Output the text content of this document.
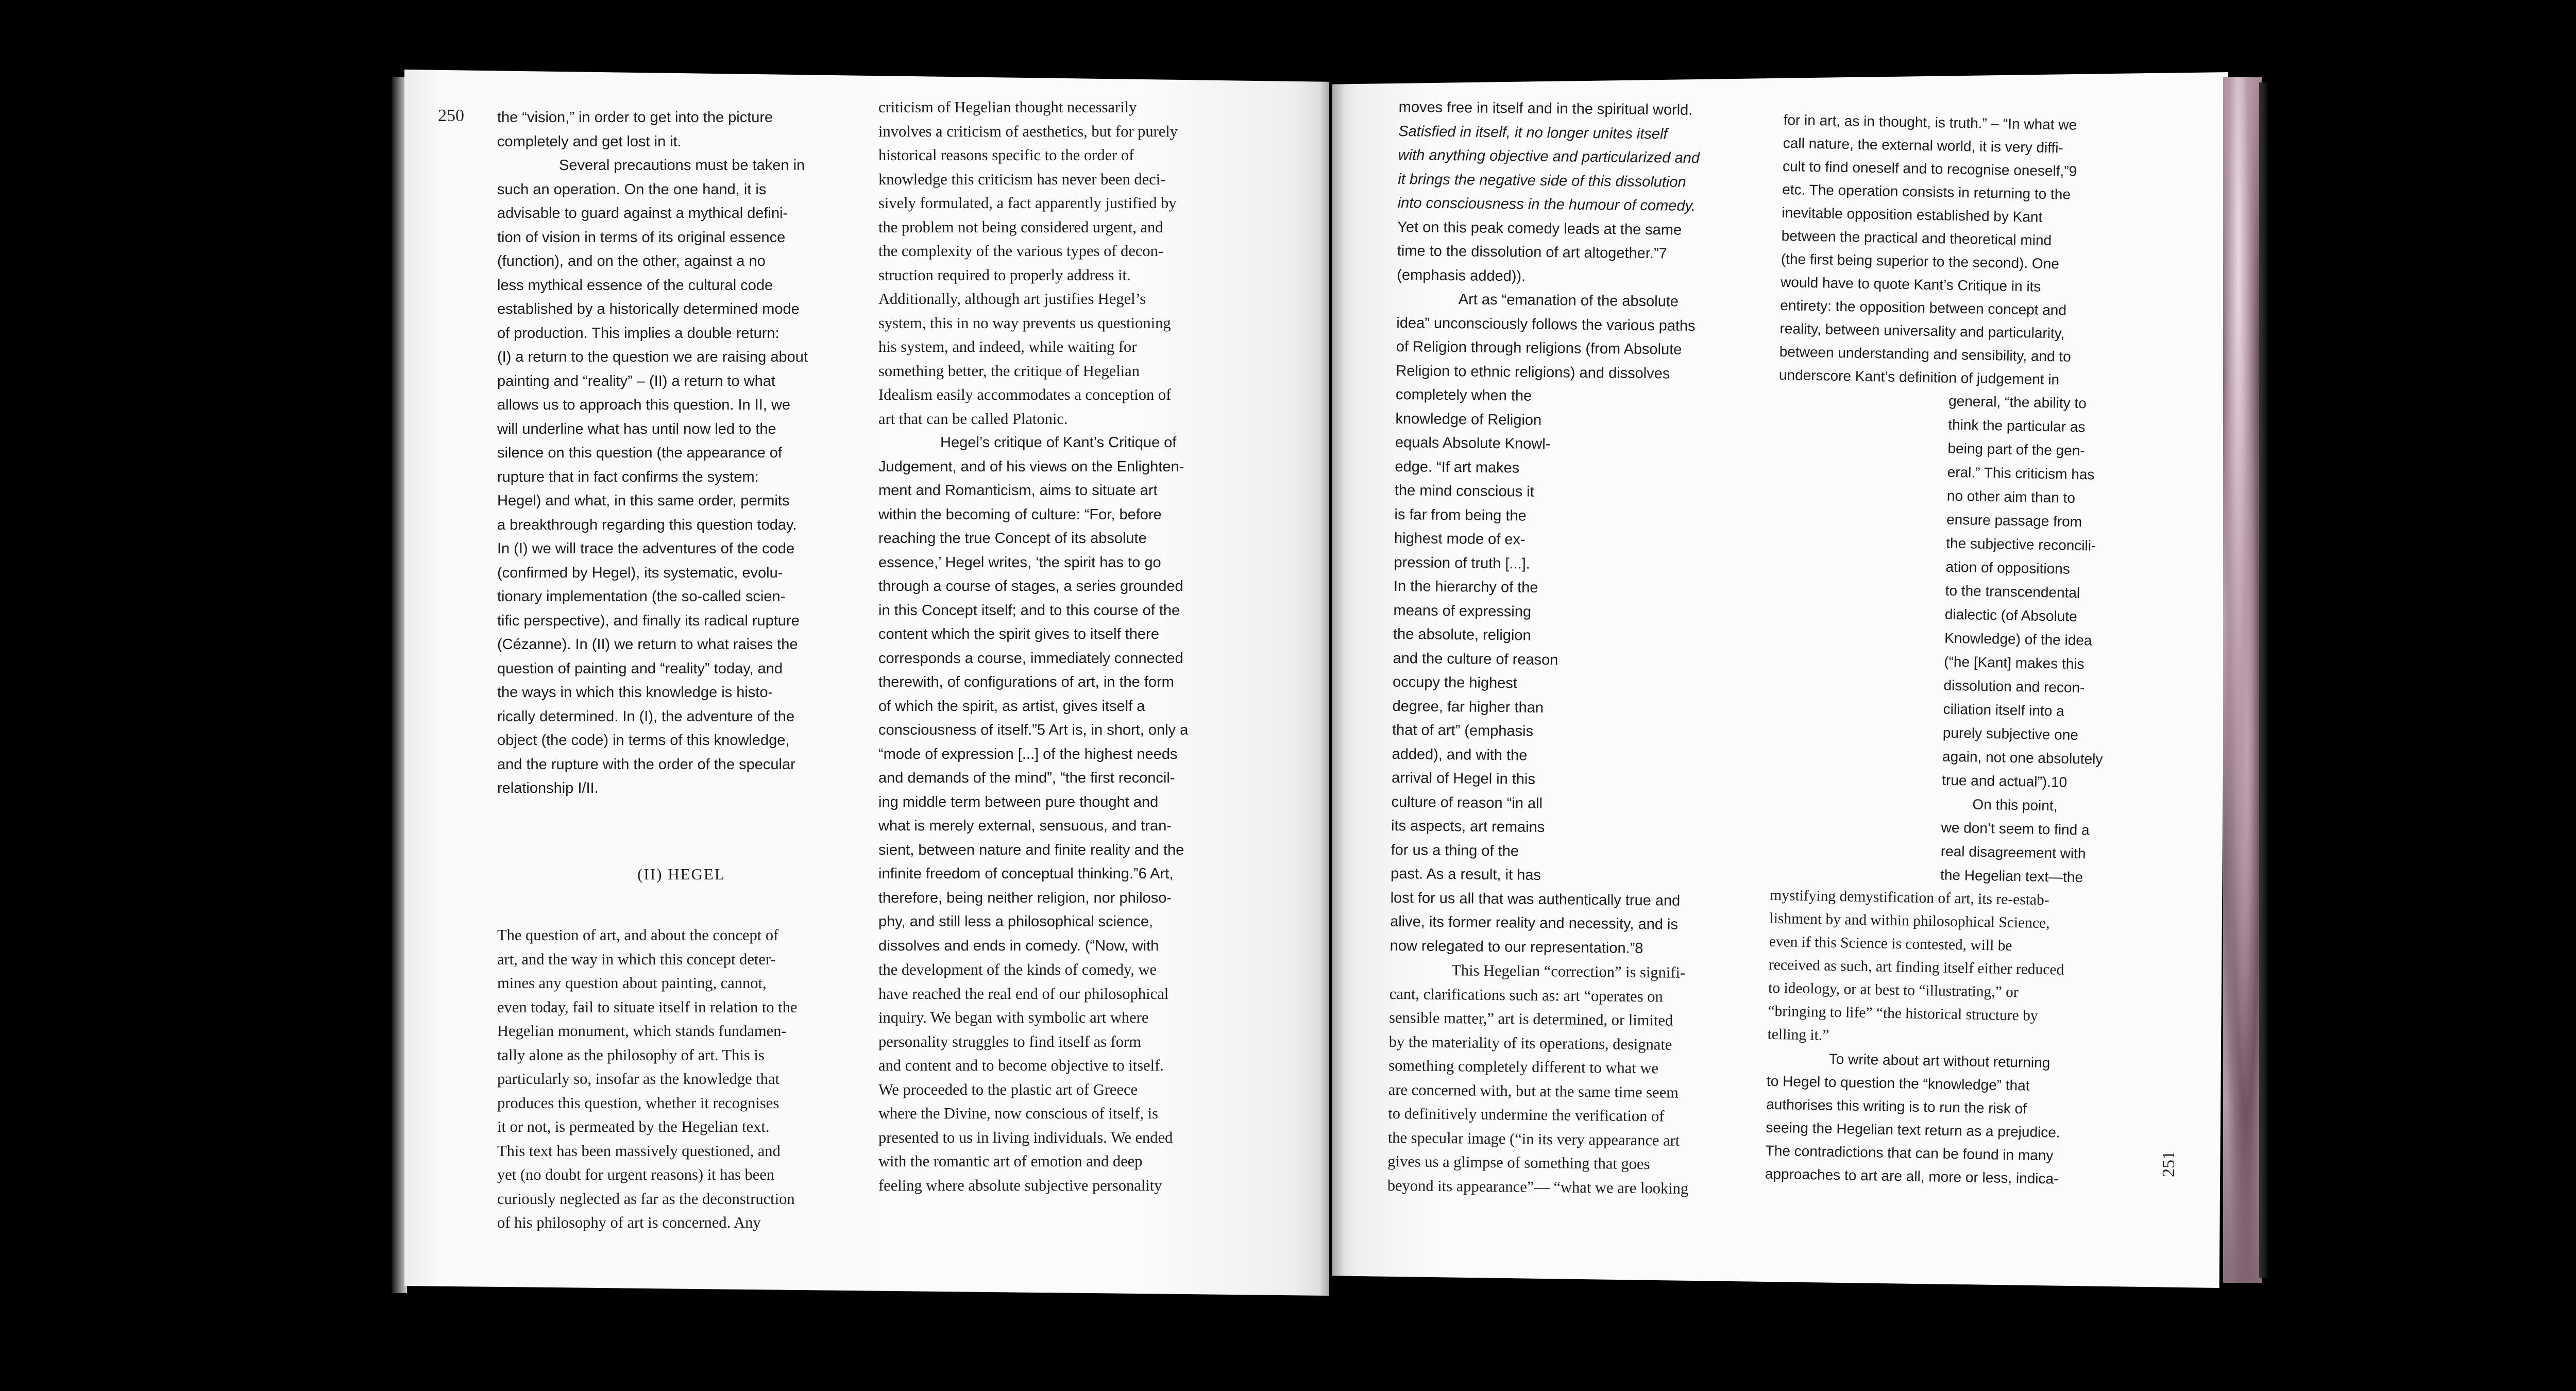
250
251

the “vision,” in order to get into the picture

completely and get lost in it.

Several precautions must be taken in

such an operation. On the one hand, it is

advisable to guard against a mythical defini-

tion of vision in terms of its original essence

(function), and on the other, against a no

less mythical essence of the cultural code

established by a historically determined mode

of production. This implies a double return:

(I) a return to the question we are raising about

painting and “reality” – (II) a return to what

allows us to approach this question. In II, we

will underline what has until now led to the

silence on this question (the appearance of

rupture that in fact confirms the system:

Hegel) and what, in this same order, permits

a breakthrough regarding this question today.

In (I) we will trace the adventures of the code

(confirmed by Hegel), its systematic, evolu-

tionary implementation (the so-called scien-

tific perspective), and finally its radical rupture

(Cézanne). In (II) we return to what raises the

question of painting and “reality” today, and

the ways in which this knowledge is histo-

rically determined. In (I), the adventure of the

object (the code) in terms of this knowledge,

and the rupture with the order of the specular

relationship I/II.

(II) HEGEL

The question of art, and about the concept of

art, and the way in which this concept deter-

mines any question about painting, cannot,

even today, fail to situate itself in relation to the

Hegelian monument, which stands fundamen-

tally alone as the philosophy of art. This is

particularly so, insofar as the knowledge that

produces this question, whether it recognises

it or not, is permeated by the Hegelian text.

This text has been massively questioned, and

yet (no doubt for urgent reasons) it has been

curiously neglected as far as the deconstruction

of his philosophy of art is concerned. Any

criticism of Hegelian thought necessarily

involves a criticism of aesthetics, but for purely

historical reasons specific to the order of

knowledge this criticism has never been deci-

sively formulated, a fact apparently justified by

the problem not being considered urgent, and

the complexity of the various types of decon-

struction required to properly address it.

Additionally, although art justifies Hegel’s

system, this in no way prevents us questioning

his system, and indeed, while waiting for

something better, the critique of Hegelian

Idealism easily accommodates a conception of

art that can be called Platonic.

Hegel’s critique of Kant’s Critique of

Judgement, and of his views on the Enlighten-

ment and Romanticism, aims to situate art

within the becoming of culture: “For, before

reaching the true Concept of its absolute

essence,’ Hegel writes, ‘the spirit has to go

through a course of stages, a series grounded

in this Concept itself; and to this course of the

content which the spirit gives to itself there

corresponds a course, immediately connected

therewith, of configurations of art, in the form

of which the spirit, as artist, gives itself a

consciousness of itself.”5 Art is, in short, only a

“mode of expression [...] of the highest needs

and demands of the mind”, “the first reconcil-

ing middle term between pure thought and

what is merely external, sensuous, and tran-

sient, between nature and finite reality and the

infinite freedom of conceptual thinking.”6 Art,

therefore, being neither religion, nor philoso-

phy, and still less a philosophical science,

dissolves and ends in comedy. (“Now, with

the development of the kinds of comedy, we

have reached the real end of our philosophical

inquiry. We began with symbolic art where

personality struggles to find itself as form

and content and to become objective to itself.

We proceeded to the plastic art of Greece

where the Divine, now conscious of itself, is

presented to us in living individuals. We ended

with the romantic art of emotion and deep

feeling where absolute subjective personality

moves free in itself and in the spiritual world.

Satisfied in itself, it no longer unites itself

with anything objective and particularized and

it brings the negative side of this dissolution

into consciousness in the humour of comedy.

Yet on this peak comedy leads at the same

time to the dissolution of art altogether.”7

(emphasis added)).

Art as “emanation of the absolute

idea” unconsciously follows the various paths

of Religion through religions (from Absolute

Religion to ethnic religions) and dissolves

completely when the

knowledge of Religion

equals Absolute Knowl-

edge. “If art makes

the mind conscious it

is far from being the

highest mode of ex-

pression of truth [...].

In the hierarchy of the

means of expressing

the absolute, religion

and the culture of reason

occupy the highest

degree, far higher than

that of art” (emphasis

added), and with the

arrival of Hegel in this

culture of reason “in all

its aspects, art remains

for us a thing of the

past. As a result, it has

lost for us all that was authentically true and

alive, its former reality and necessity, and is

now relegated to our representation.”8

This Hegelian “correction” is signifi-

cant, clarifications such as: art “operates on

sensible matter,” art is determined, or limited

by the materiality of its operations, designate

something completely different to what we

are concerned with, but at the same time seem

to definitively undermine the verification of

the specular image (“in its very appearance art

gives us a glimpse of something that goes

beyond its appearance”— “what we are looking

for in art, as in thought, is truth.” – “In what we

call nature, the external world, it is very diffi-

cult to find oneself and to recognise oneself,”9

etc. The operation consists in returning to the

inevitable opposition established by Kant

between the practical and theoretical mind

(the first being superior to the second). One

would have to quote Kant’s Critique in its

entirety: the opposition between concept and

reality, between universality and particularity,

between understanding and sensibility, and to

underscore Kant’s definition of judgement in

general, “the ability to

think the particular as

being part of the gen-

eral.” This criticism has

no other aim than to

ensure passage from

the subjective reconcili-

ation of oppositions

to the transcendental

dialectic (of Absolute

Knowledge) of the idea

(“he [Kant] makes this

dissolution and recon-

ciliation itself into a

purely subjective one

again, not one absolutely

true and actual”).10

On this point,

we don’t seem to find a

real disagreement with

the Hegelian text—the

mystifying demystification of art, its re-estab-

lishment by and within philosophical Science,

even if this Science is contested, will be

received as such, art finding itself either reduced

to ideology, or at best to “illustrating,” or

“bringing to life” “the historical structure by

telling it.”

To write about art without returning

to Hegel to question the “knowledge” that

authorises this writing is to run the risk of

seeing the Hegelian text return as a prejudice.

The contradictions that can be found in many

approaches to art are all, more or less, indica-
